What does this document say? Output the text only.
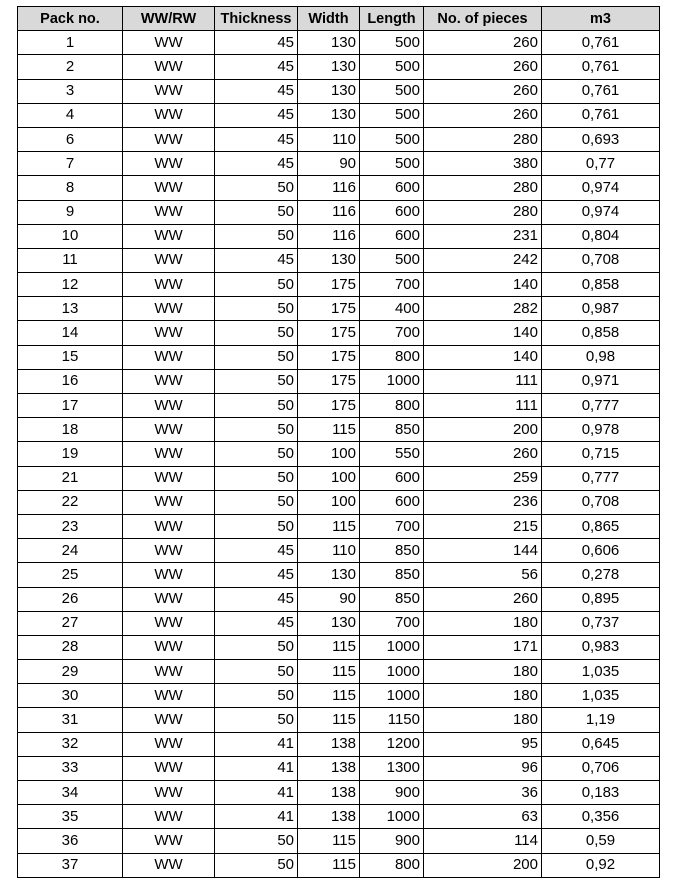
Pack no.	WW/RW	Thickness	Width	Length	No. of pieces	m3
1	WW	45	130	500	260	0,761
2	WW	45	130	500	260	0,761
3	WW	45	130	500	260	0,761
4	WW	45	130	500	260	0,761
6	WW	45	110	500	280	0,693
7	WW	45	90	500	380	0,77
8	WW	50	116	600	280	0,974
9	WW	50	116	600	280	0,974
10	WW	50	116	600	231	0,804
11	WW	45	130	500	242	0,708
12	WW	50	175	700	140	0,858
13	WW	50	175	400	282	0,987
14	WW	50	175	700	140	0,858
15	WW	50	175	800	140	0,98
16	WW	50	175	1000	111	0,971
17	WW	50	175	800	111	0,777
18	WW	50	115	850	200	0,978
19	WW	50	100	550	260	0,715
21	WW	50	100	600	259	0,777
22	WW	50	100	600	236	0,708
23	WW	50	115	700	215	0,865
24	WW	45	110	850	144	0,606
25	WW	45	130	850	56	0,278
26	WW	45	90	850	260	0,895
27	WW	45	130	700	180	0,737
28	WW	50	115	1000	171	0,983
29	WW	50	115	1000	180	1,035
30	WW	50	115	1000	180	1,035
31	WW	50	115	1150	180	1,19
32	WW	41	138	1200	95	0,645
33	WW	41	138	1300	96	0,706
34	WW	41	138	900	36	0,183
35	WW	41	138	1000	63	0,356
36	WW	50	115	900	114	0,59
37	WW	50	115	800	200	0,92
